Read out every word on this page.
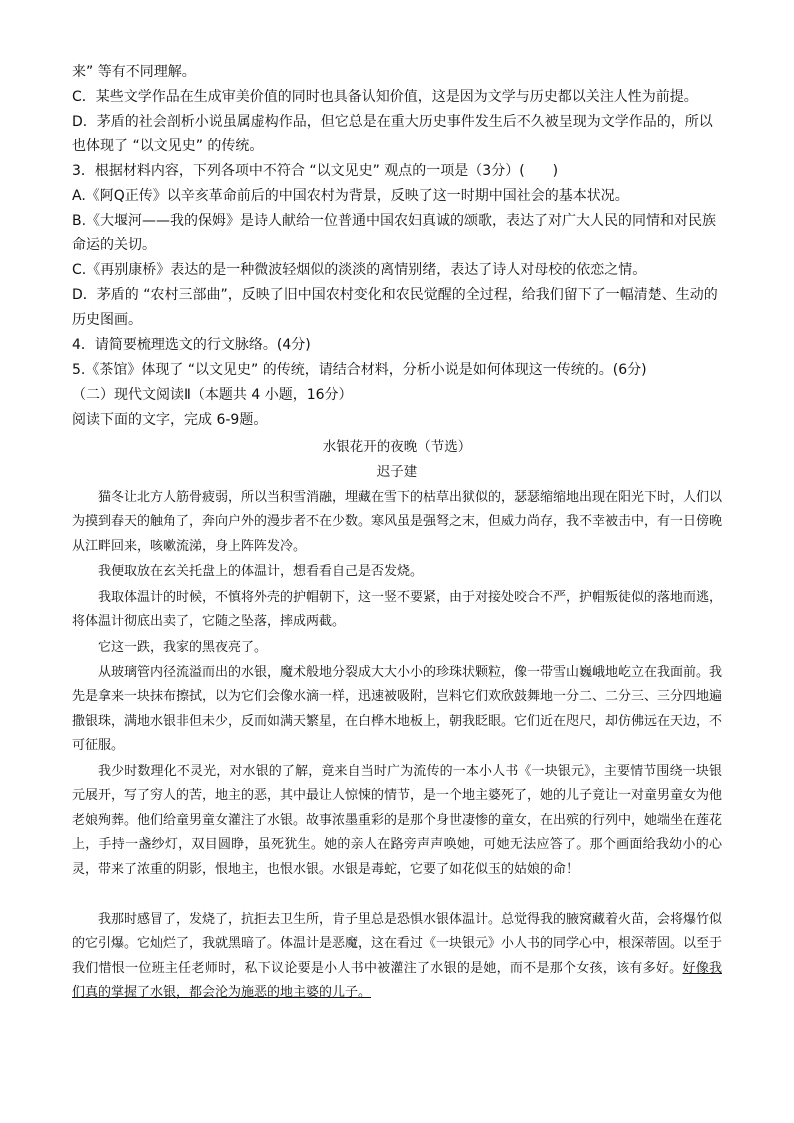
来” 等有不同理解。
C．某些文学作品在生成审美价值的同时也具备认知价值，这是因为文学与历史都以关注人性为前提。
D．茅盾的社会剖析小说虽属虚构作品，但它总是在重大历史事件发生后不久被呈现为文学作品的，所以
也体现了 “以文见史” 的传统。
3．根据材料内容，下列各项中不符合 “以文见史” 观点的一项是（3分）(　　)
A.《阿Q正传》以辛亥革命前后的中国农村为背景，反映了这一时期中国社会的基本状况。
B.《大堰河——我的保姆》是诗人献给一位普通中国农妇真诚的颂歌，表达了对广大人民的同情和对民族
命运的关切。
C.《再别康桥》表达的是一种微波轻烟似的淡淡的离情别绪，表达了诗人对母校的依恋之情。
D．茅盾的 “农村三部曲”，反映了旧中国农村变化和农民觉醒的全过程，给我们留下了一幅清楚、生动的
历史图画。
4．请简要梳理选文的行文脉络。(4分)
5.《茶馆》体现了 “以文见史” 的传统，请结合材料，分析小说是如何体现这一传统的。(6分)
（二）现代文阅读Ⅱ（本题共 4 小题，16分）
阅读下面的文字，完成 6-9题。
水银花开的夜晚（节选）
迟子建

猫冬让北方人筋骨疲弱，所以当积雪消融，埋藏在雪下的枯草出狱似的，瑟瑟缩缩地出现在阳光下时，人们以为摸到春天的触角了，奔向户外的漫步者不在少数。寒风虽是强弩之末，但威力尚存，我不幸被击中，有一日傍晚从江畔回来，咳嗽流涕，身上阵阵发冷。

我便取放在玄关托盘上的体温计，想看看自己是否发烧。

我取体温计的时候，不慎将外壳的护帽朝下，这一竖不要紧，由于对接处咬合不严，护帽叛徒似的落地而逃，将体温计彻底出卖了，它随之坠落，摔成两截。

它这一跌，我家的黑夜亮了。

从玻璃管内径流溢而出的水银，魔术般地分裂成大大小小的珍珠状颗粒，像一带雪山巍峨地屹立在我面前。我先是拿来一块抹布擦拭，以为它们会像水滴一样，迅速被吸附，岂料它们欢欣鼓舞地一分二、二分三、三分四地遍撒银珠，满地水银非但未少，反而如满天繁星，在白桦木地板上，朝我眨眼。它们近在咫尺，却仿佛远在天边，不可征服。

我少时数理化不灵光，对水银的了解，竟来自当时广为流传的一本小人书《一块银元》，主要情节围绕一块银元展开，写了穷人的苦，地主的恶，其中最让人惊悚的情节，是一个地主婆死了，她的儿子竟让一对童男童女为他老娘殉葬。他们给童男童女灌注了水银。故事浓墨重彩的是那个身世凄惨的童女，在出殡的行列中，她端坐在莲花上，手持一盏纱灯，双目圆睁，虽死犹生。她的亲人在路旁声声唤她，可她无法应答了。那个画面给我幼小的心灵，带来了浓重的阴影，恨地主，也恨水银。水银是毒蛇，它要了如花似玉的姑娘的命！

我那时感冒了，发烧了，抗拒去卫生所，肯子里总是恐惧水银体温计。总觉得我的腋窝藏着火苗，会将爆竹似的它引爆。它灿烂了，我就黑暗了。体温计是恶魔，这在看过《一块银元》小人书的同学心中，根深蒂固。以至于我们惜恨一位班主任老师时，私下议论要是小人书中被灌注了水银的是她，而不是那个女孩，该有多好。好像我们真的掌握了水银，都会沦为施恶的地主婆的儿子。
